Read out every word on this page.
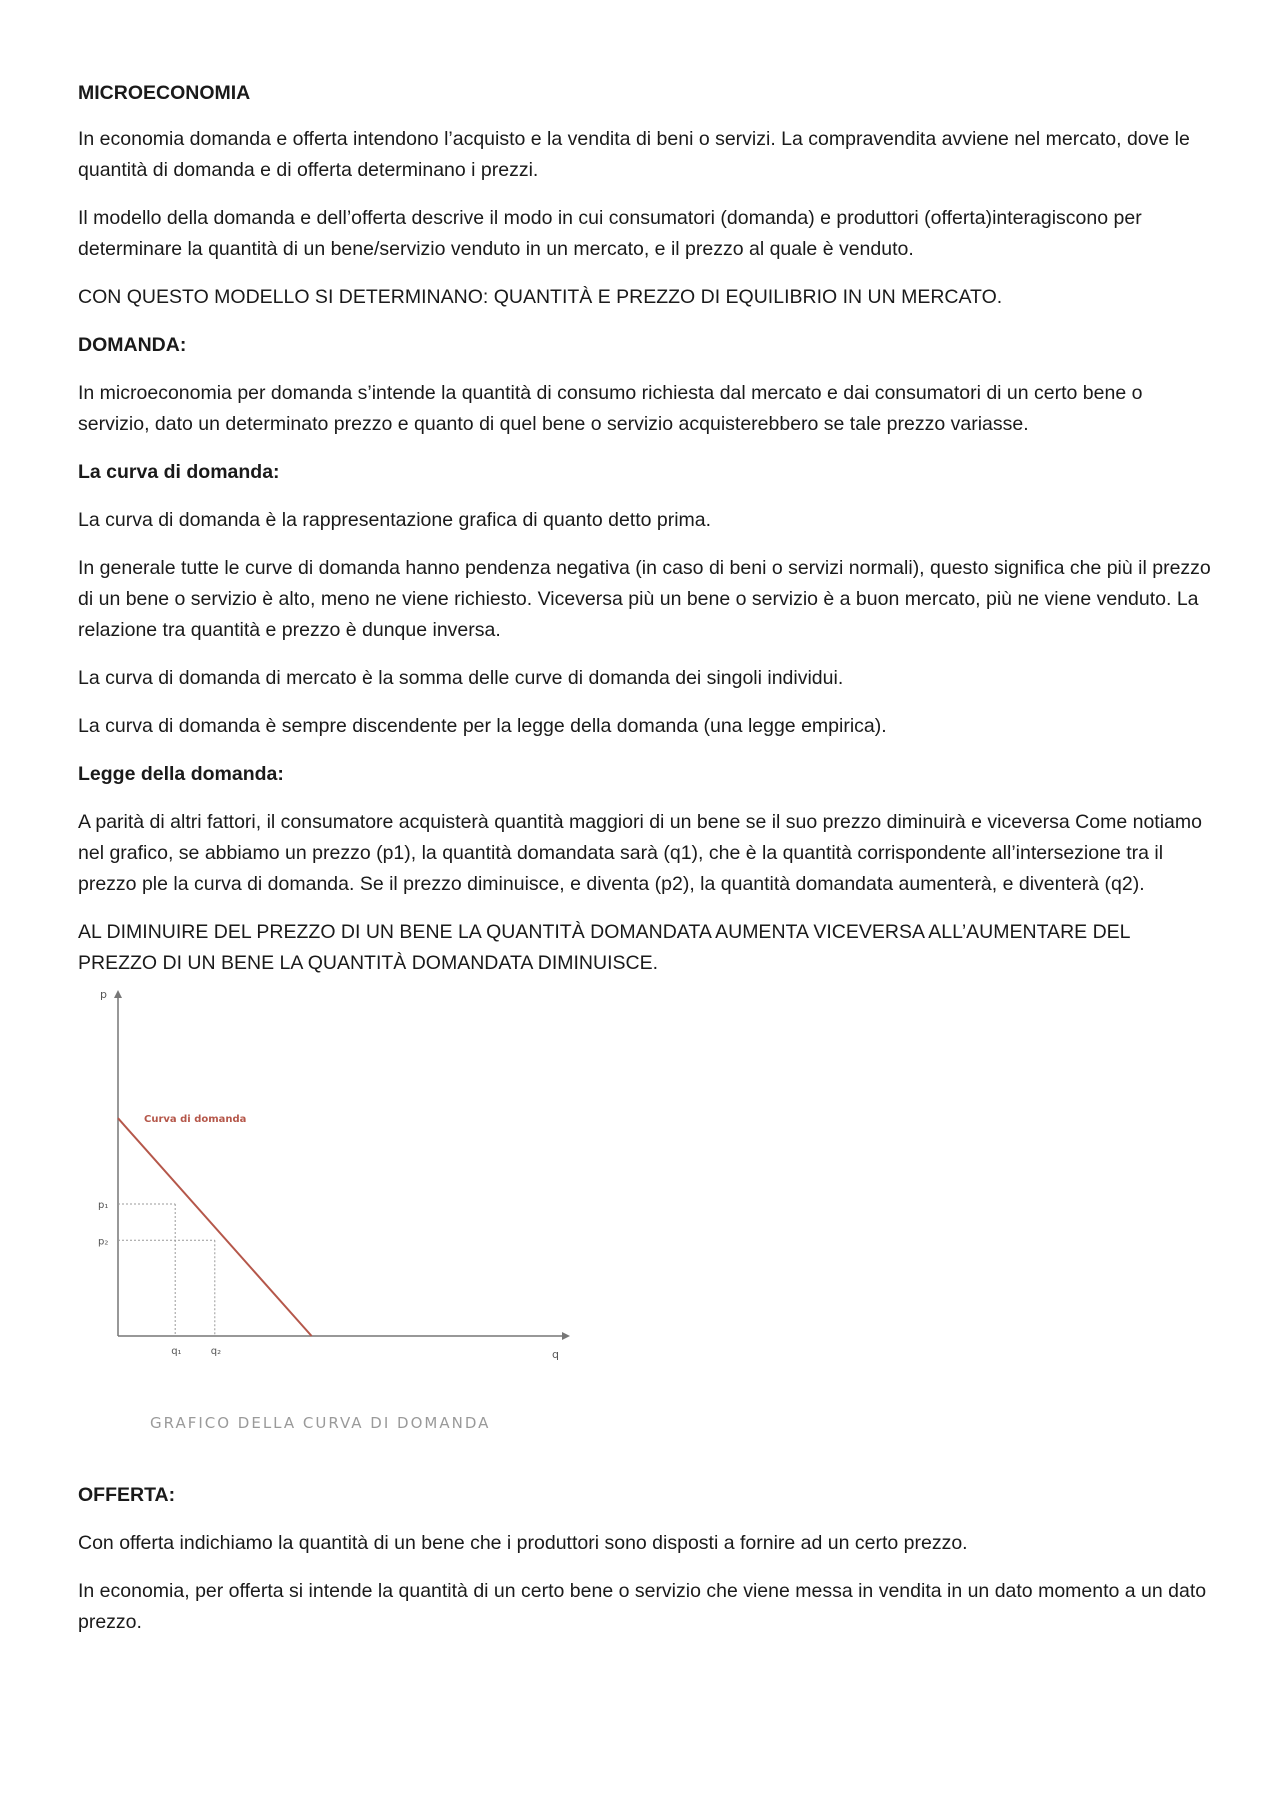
MICROECONOMIA

In economia domanda e offerta intendono l’acquisto e la vendita di beni o servizi. La compravendita avviene nel mercato, dove le quantità di domanda e di offerta determinano i prezzi.

Il modello della domanda e dell’offerta descrive il modo in cui consumatori (domanda) e produttori (offerta)interagiscono per determinare la quantità di un bene/servizio venduto in un mercato, e il prezzo al quale è venduto.

CON QUESTO MODELLO SI DETERMINANO: QUANTITÀ E PREZZO DI EQUILIBRIO IN UN MERCATO.

DOMANDA:

In microeconomia per domanda s’intende la quantità di consumo richiesta dal mercato e dai consumatori di un certo bene o servizio, dato un determinato prezzo e quanto di quel bene o servizio acquisterebbero se tale prezzo variasse.

La curva di domanda:

La curva di domanda è la rappresentazione grafica di quanto detto prima.

In generale tutte le curve di domanda hanno pendenza negativa (in caso di beni o servizi normali), questo significa che più il prezzo di un bene o servizio è alto, meno ne viene richiesto. Viceversa più un bene o servizio è a buon mercato, più ne viene venduto. La relazione tra quantità e prezzo è dunque inversa.

La curva di domanda di mercato è la somma delle curve di domanda dei singoli individui.

La curva di domanda è sempre discendente per la legge della domanda (una legge empirica).

Legge della domanda:

A parità di altri fattori, il consumatore acquisterà quantità maggiori di un bene se il suo prezzo diminuirà e viceversa Come notiamo nel grafico, se abbiamo un prezzo (p1), la quantità domandata sarà (q1), che è la quantità corrispondente all’intersezione tra il prezzo ple la curva di domanda. Se il prezzo diminuisce, e diventa (p2), la quantità domandata aumenterà, e diventerà (q2).

AL DIMINUIRE DEL PREZZO DI UN BENE LA QUANTITÀ DOMANDATA AUMENTA VICEVERSA ALL’AUMENTARE DEL PREZZO DI UN BENE LA QUANTITÀ DOMANDATA DIMINUISCE.

p
q
p₁
q₁
p₂
q₂
Curva di domanda
GRAFICO DELLA CURVA DI DOMANDA

OFFERTA:

Con offerta indichiamo la quantità di un bene che i produttori sono disposti a fornire ad un certo prezzo.

In economia, per offerta si intende la quantità di un certo bene o servizio che viene messa in vendita in un dato momento a un dato prezzo.
